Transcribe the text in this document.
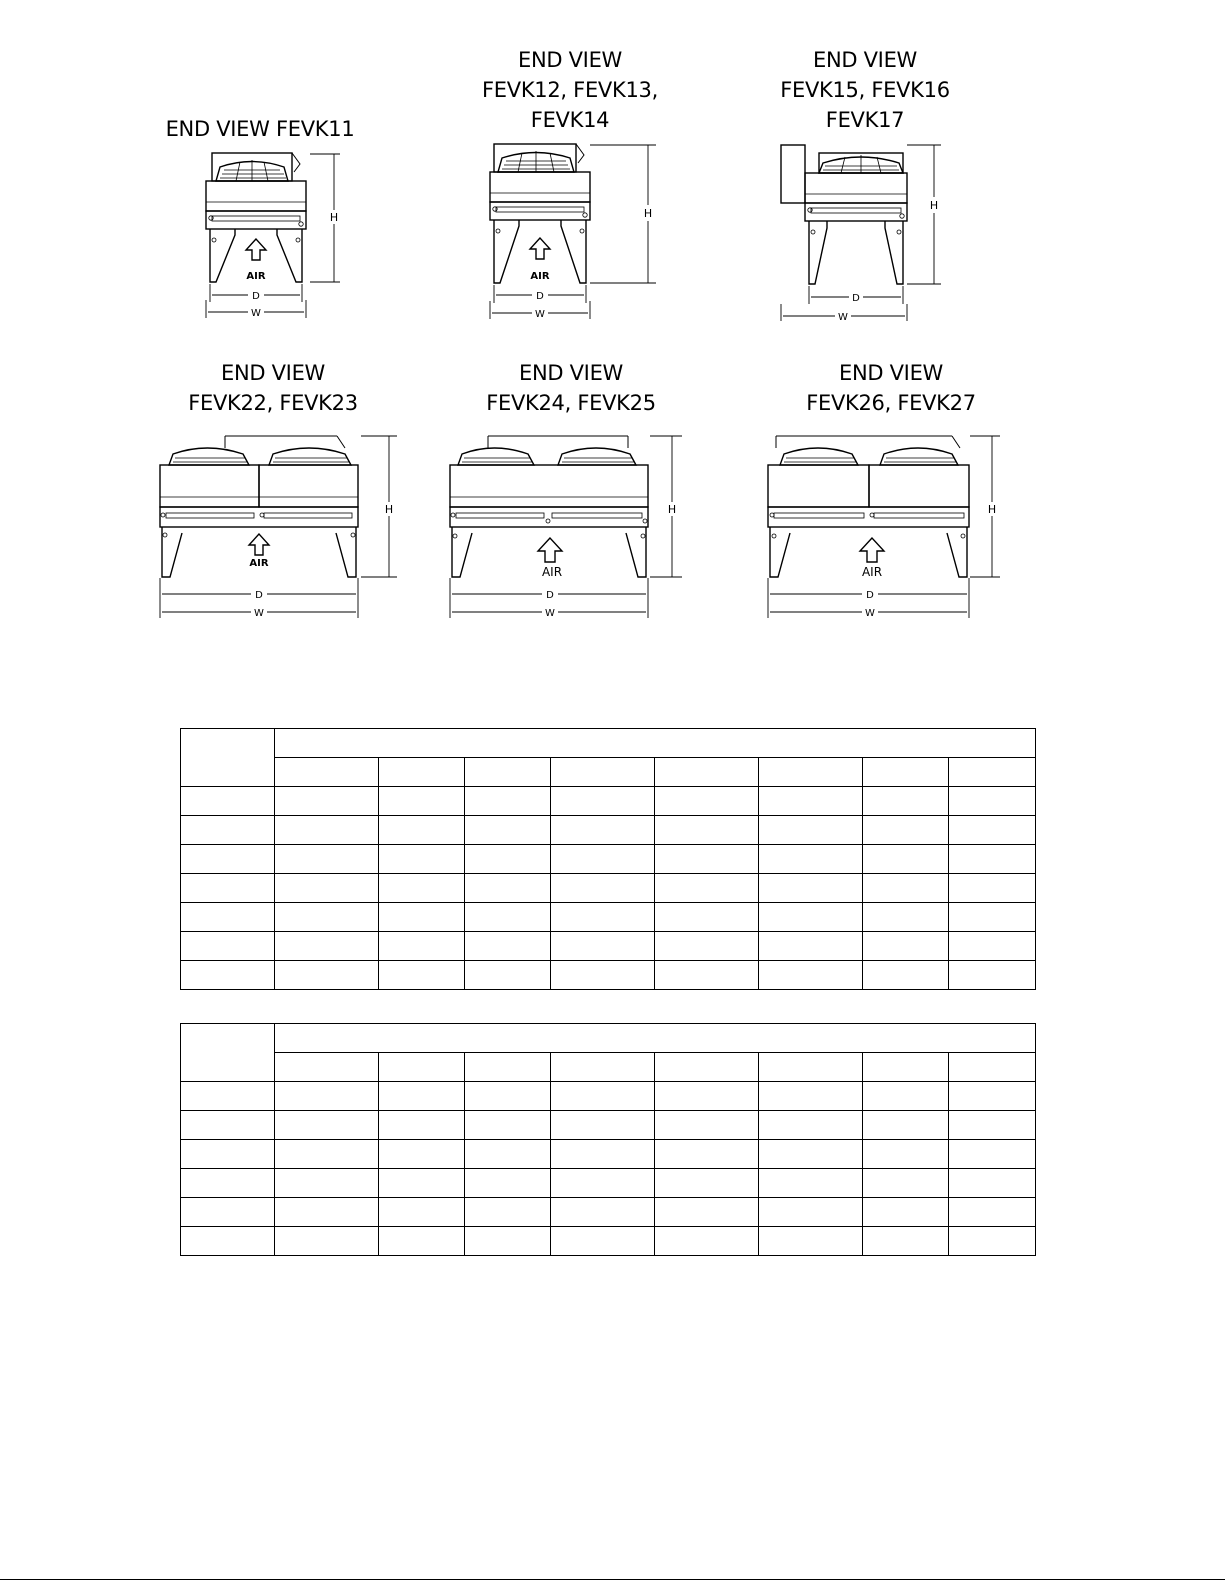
END VIEW FEVK11
AIR
H
D
W
END VIEW
FEVK12, FEVK13,
FEVK14
AIR
H
D
W
END VIEW
FEVK15, FEVK16
FEVK17
H
D
W
END VIEW
FEVK22, FEVK23
AIR
H
D
W
END VIEW
FEVK24, FEVK25
AIR
H
D
W
END VIEW
FEVK26, FEVK27
AIR
H
D
W
